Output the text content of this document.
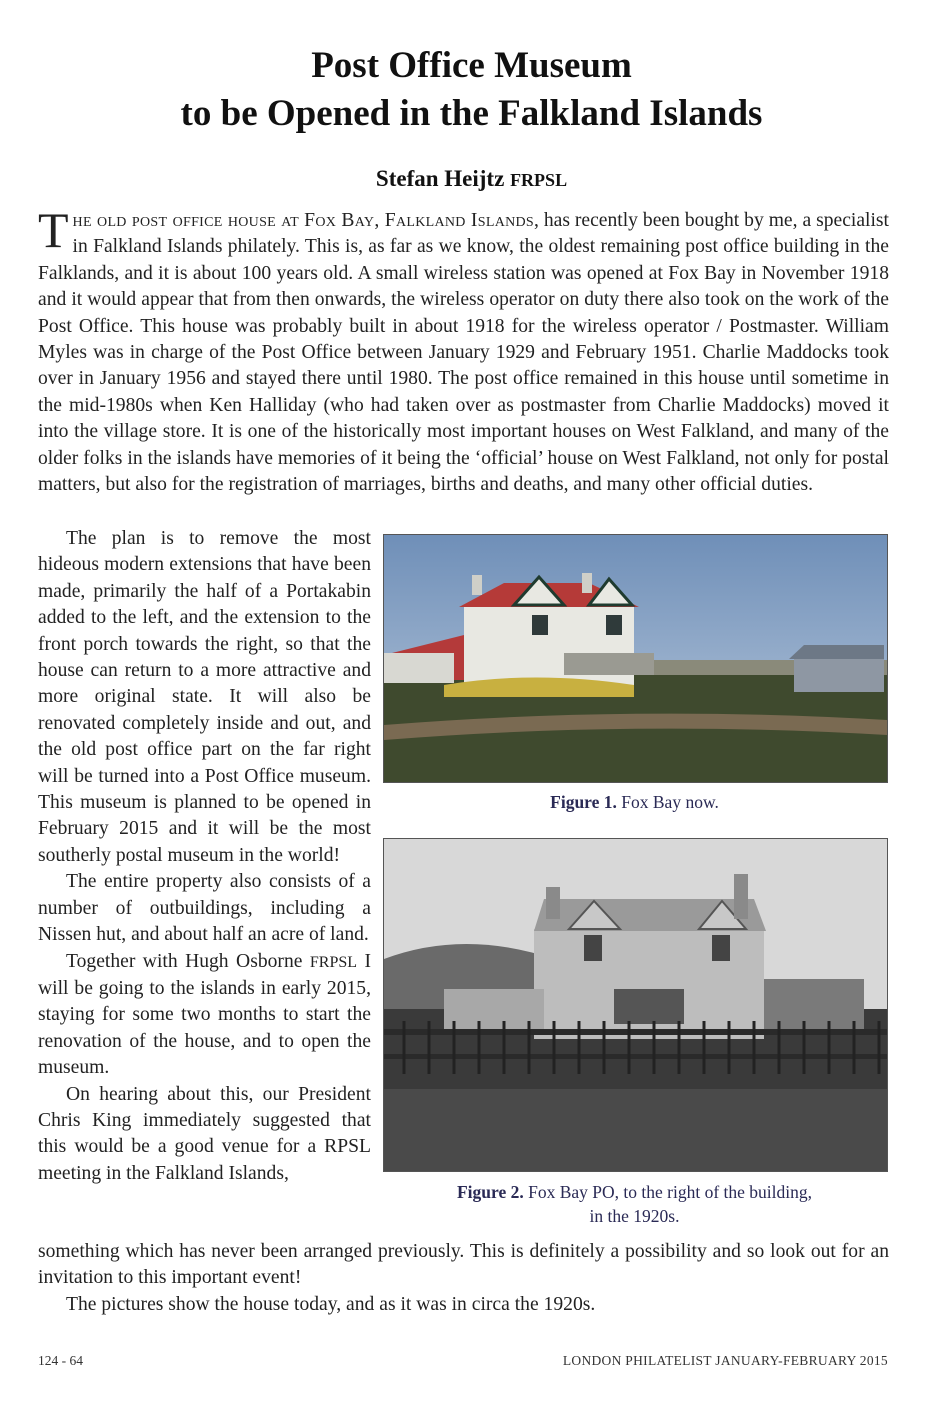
Post Office Museum
to be Opened in the Falkland Islands
Stefan Heijtz FRPSL
The old post office house at Fox Bay, Falkland Islands, has recently been bought by me, a specialist in Falkland Islands philately. This is, as far as we know, the oldest remaining post office building in the Falklands, and it is about 100 years old. A small wireless station was opened at Fox Bay in November 1918 and it would appear that from then onwards, the wireless operator on duty there also took on the work of the Post Office. This house was probably built in about 1918 for the wireless operator / Postmaster. William Myles was in charge of the Post Office between January 1929 and February 1951. Charlie Maddocks took over in January 1956 and stayed there until 1980. The post office remained in this house until sometime in the mid-1980s when Ken Halliday (who had taken over as postmaster from Charlie Maddocks) moved it into the village store. It is one of the historically most important houses on West Falkland, and many of the older folks in the islands have memories of it being the ‘official’ house on West Falkland, not only for postal matters, but also for the registration of marriages, births and deaths, and many other official duties.

The plan is to remove the most hideous modern extensions that have been made, primarily the half of a Portakabin added to the left, and the extension to the front porch towards the right, so that the house can return to a more attractive and more original state. It will also be renovated completely inside and out, and the old post office part on the far right will be turned into a Post Office museum. This museum is planned to be opened in February 2015 and it will be the most southerly postal museum in the world!

The entire property also consists of a number of outbuildings, including a Nissen hut, and about half an acre of land.

Together with Hugh Osborne FRPSL I will be going to the islands in early 2015, staying for some two months to start the renovation of the house, and to open the museum.

On hearing about this, our President Chris King immediately suggested that this would be a good venue for a RPSL meeting in the Falkland Islands,

Figure 1. Fox Bay now.
Figure 2. Fox Bay PO, to the right of the building,
in the 1920s.

something which has never been arranged previously. This is definitely a possibility and so look out for an invitation to this important event!

The pictures show the house today, and as it was in circa the 1920s.

124 - 64	LONDON PHILATELIST JANUARY-FEBRUARY 2015
